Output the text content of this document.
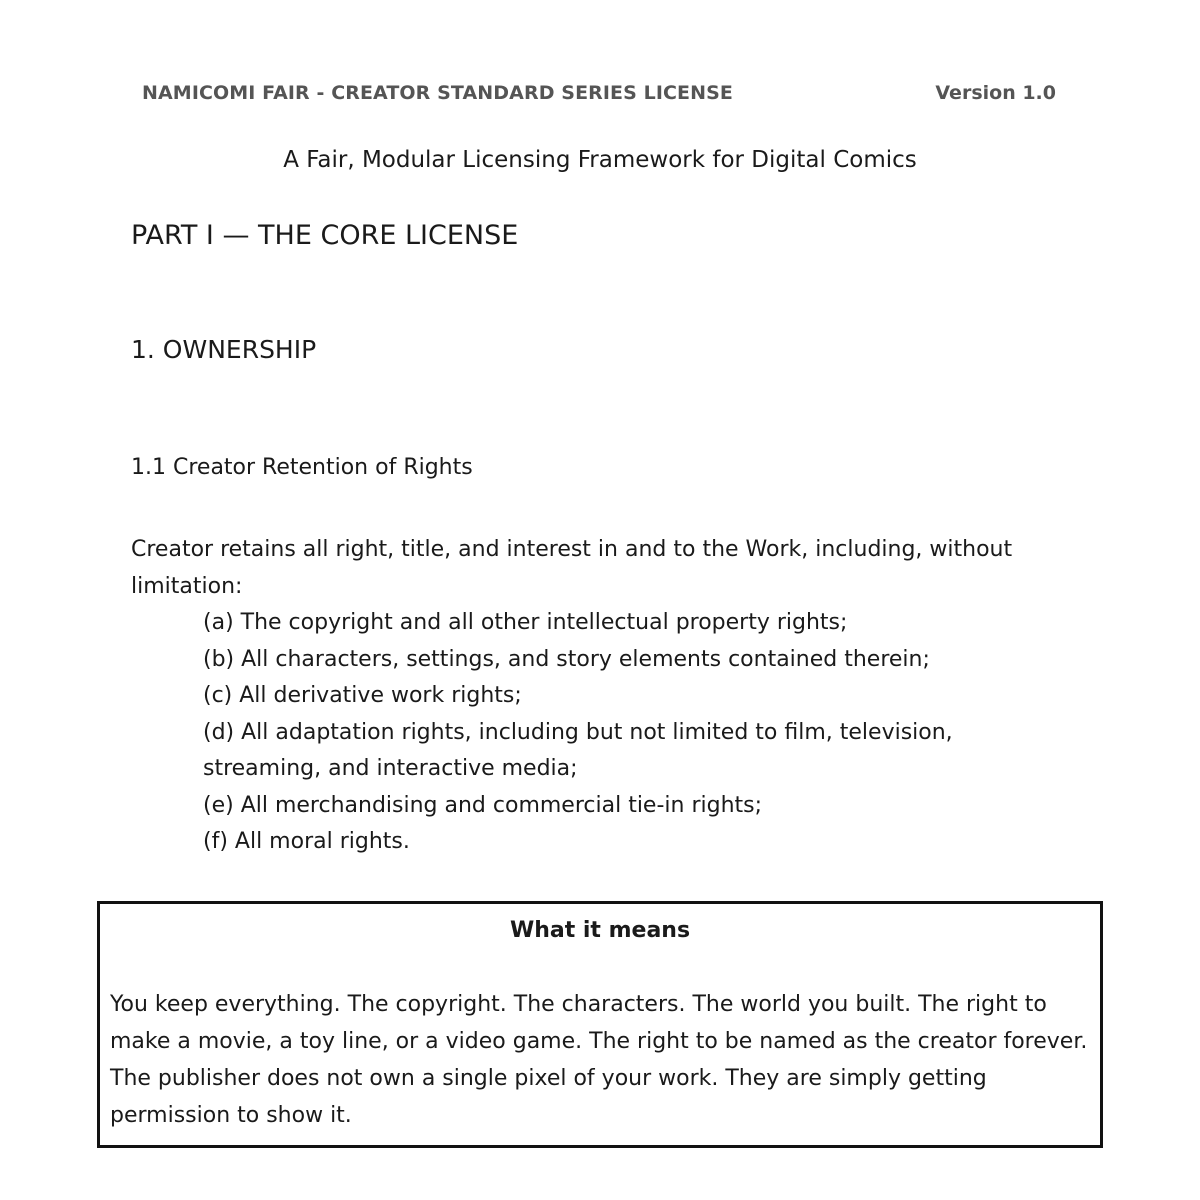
NAMICOMI FAIR - CREATOR STANDARD SERIES LICENSE	Version 1.0
A Fair, Modular Licensing Framework for Digital Comics
PART I — THE CORE LICENSE
1. OWNERSHIP
1.1 Creator Retention of Rights
Creator retains all right, title, and interest in and to the Work, including, without limitation:
(a) The copyright and all other intellectual property rights;
(b) All characters, settings, and story elements contained therein;
(c) All derivative work rights;
(d) All adaptation rights, including but not limited to film, television, streaming, and interactive media;
(e) All merchandising and commercial tie-in rights;
(f) All moral rights.
What it means
You keep everything. The copyright. The characters. The world you built. The right to make a movie, a toy line, or a video game. The right to be named as the creator forever. The publisher does not own a single pixel of your work. They are simply getting permission to show it.
